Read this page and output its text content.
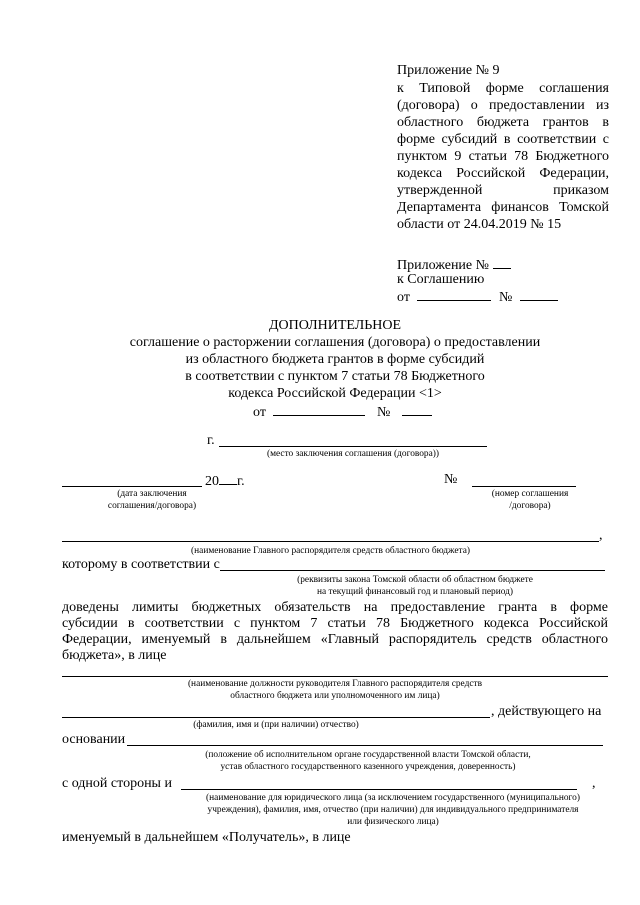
Приложение № 9
к Типовой форме соглашения
(договора) о предоставлении из
областного бюджета грантов в
форме субсидий в соответствии с
пунктом 9 статьи 78 Бюджетного
кодекса Российской Федерации,
утвержденной приказом
Департамента финансов Томской
области от 24.04.2019 № 15
Приложение №
к Соглашению
от	№
ДОПОЛНИТЕЛЬНОЕ
соглашение о расторжении соглашения (договора) о предоставлении
из областного бюджета грантов в форме субсидий
в соответствии с пунктом 7 статьи 78 Бюджетного
кодекса Российской Федерации <1>
от	№
г.
(место заключения соглашения (договора))
20 г.	№
(дата заключения
соглашения/договора)
(номер соглашения
/договора)
,
(наименование Главного распорядителя средств областного бюджета)
которому в соответствии с
(реквизиты закона Томской области об областном бюджете
на текущий финансовый год и плановый период)
доведены лимиты бюджетных обязательств на предоставление гранта в форме
субсидии в соответствии с пунктом 7 статьи 78 Бюджетного кодекса Российской
Федерации, именуемый в дальнейшем «Главный распорядитель средств областного
бюджета», в лице
(наименование должности руководителя Главного распорядителя средств
областного бюджета или уполномоченного им лица)
, действующего на
(фамилия, имя и (при наличии) отчество)
основании
(положение об исполнительном органе государственной власти Томской области,
устав областного государственного казенного учреждения, доверенность)
с одной стороны и	,
(наименование для юридического лица (за исключением государственного (муниципального)
учреждения), фамилия, имя, отчество (при наличии) для индивидуального предпринимателя
или физического лица)
именуемый в дальнейшем «Получатель», в лице
